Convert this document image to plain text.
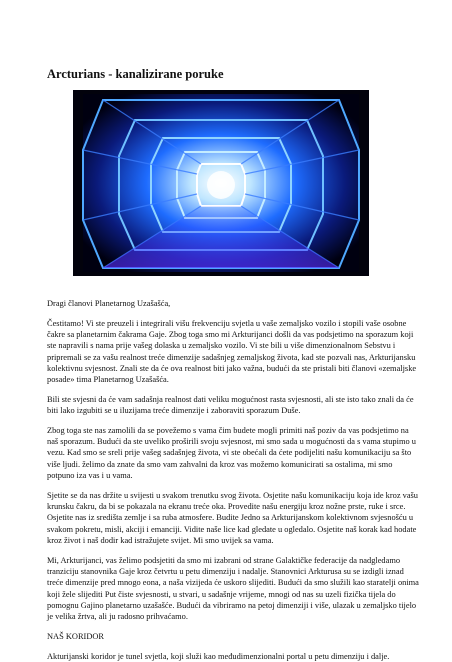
Arcturians - kanalizirane poruke

Dragi članovi Planetarnog Uzašašća,

Čestitamo! Vi ste preuzeli i integrirali višu frekvenciju svjetla u vaše zemaljsko vozilo i stopili vaše osobne čakre sa planetarnim čakrama Gaje. Zbog toga smo mi Arkturijanci došli da vas podsjetimo na sporazum koji ste napravili s nama prije vašeg dolaska u zemaljsko vozilo. Vi ste bili u više dimenzionalnom Sebstvu i pripremali se za vašu realnost treće dimenzije sadašnjeg zemaljskog života, kad ste pozvali nas, Arkturijansku kolektivnu svjesnost. Znali ste da će ova realnost biti jako važna, budući da ste pristali biti članovi «zemaljske posade» tima Planetarnog Uzašašća.

Bili ste svjesni da će vam sadašnja realnost dati veliku mogućnost rasta svjesnosti, ali ste isto tako znali da će biti lako izgubiti se u iluzijama treće dimenzije i zaboraviti sporazum Duše.

Zbog toga ste nas zamolili da se povežemo s vama čim budete mogli primiti naš poziv da vas podsjetimo na naš sporazum. Budući da ste uveliko proširili svoju svjesnost, mi smo sada u mogućnosti da s vama stupimo u vezu. Kad smo se sreli prije vašeg sadašnjeg života, vi ste obećali da ćete podijeliti našu komunikaciju sa što više ljudi. želimo da znate da smo vam zahvalni da kroz vas možemo komunicirati sa ostalima, mi smo potpuno iza vas i u vama.

Sjetite se da nas držite u svijesti u svakom trenutku svog života. Osjetite našu komunikaciju koja ide kroz vašu krunsku čakru, da bi se pokazala na ekranu treće oka. Provedite našu energiju kroz nožne prste, ruke i srce. Osjetite nas iz središta zemlje i sa ruba atmosfere. Budite Jedno sa Arkturijanskom kolektivnom svjesnošću u svakom pokretu, misli, akciji i emanciji. Vidite naše lice kad gledate u ogledalo. Osjetite naš korak kad hodate kroz život i naš dodir kad istražujete svijet. Mi smo uvijek sa vama.

Mi, Arkturijanci, vas želimo podsjetiti da smo mi izabrani od strane Galaktičke federacije da nadgledamo tranziciju stanovnika Gaje kroz četvrtu u petu dimenziju i nadalje. Stanovnici Arkturusa su se izdigli iznad treće dimenzije pred mnogo eona, a naša vizijeda će uskoro slijediti. Budući da smo služili kao staratelji onima koji žele slijediti Put čiste svjesnosti, u stvari, u sadašnje vrijeme, mnogi od nas su uzeli fizička tijela do pomognu Gajino planetarno uzašašće. Budući da vibriramo na petoj dimenziji i više, ulazak u zemaljsko tijelo je velika žrtva, ali ju radosno prihvaćamo.

NAŠ KORIDOR

Akturijanski koridor je tunel svjetla, koji služi kao međudimenzionalni portal u petu dimenziju i dalje.
